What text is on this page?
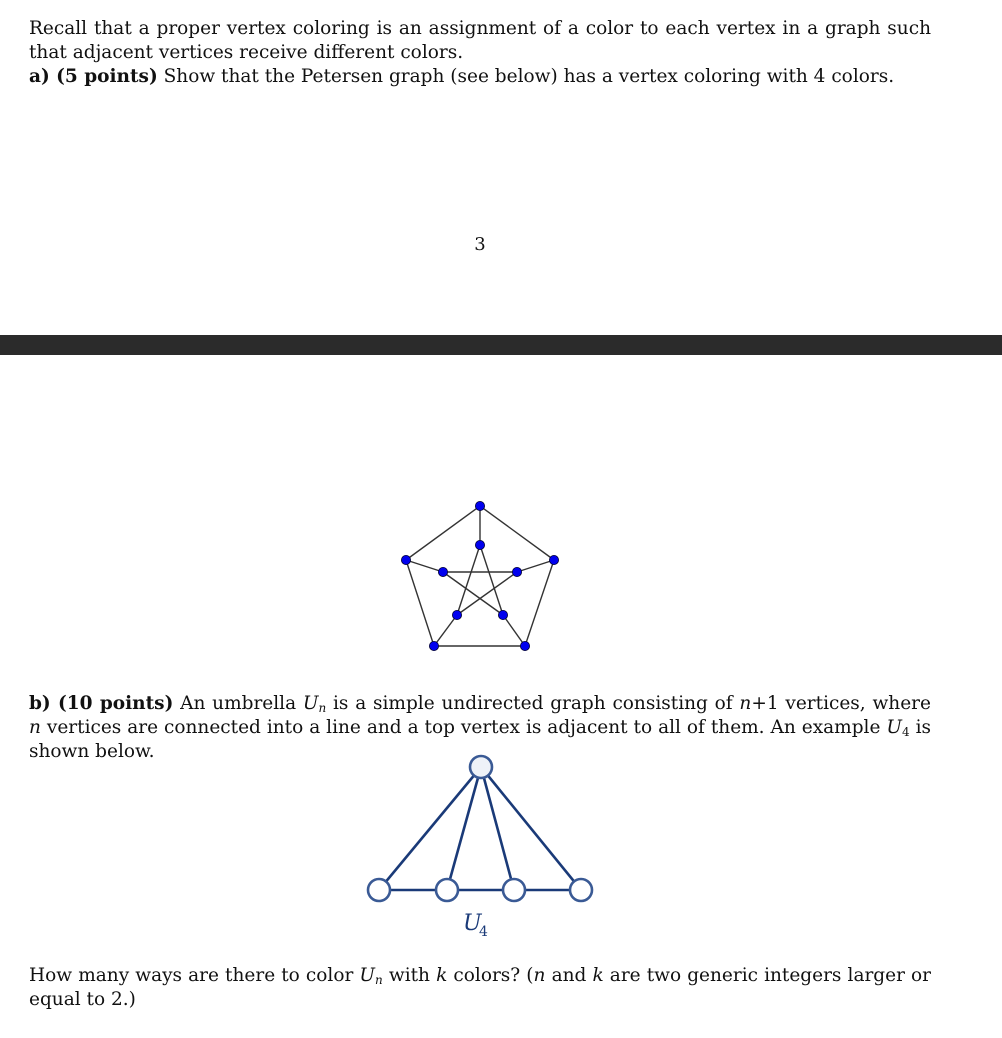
Recall that a proper vertex coloring is an assignment of a color to each vertex in a graph such that adjacent vertices receive different colors.
a) (5 points) Show that the Petersen graph (see below) has a vertex coloring with 4 colors.
3
U
4
b) (10 points) An umbrella $U_n$ is a simple undirected graph consisting of n+1 vertices, where n vertices are connected into a line and a top vertex is adjacent to all of them. An example $U_4$ is shown below.
How many ways are there to color $U_n$ with k colors? (n and k are two generic integers larger or equal to 2.)
